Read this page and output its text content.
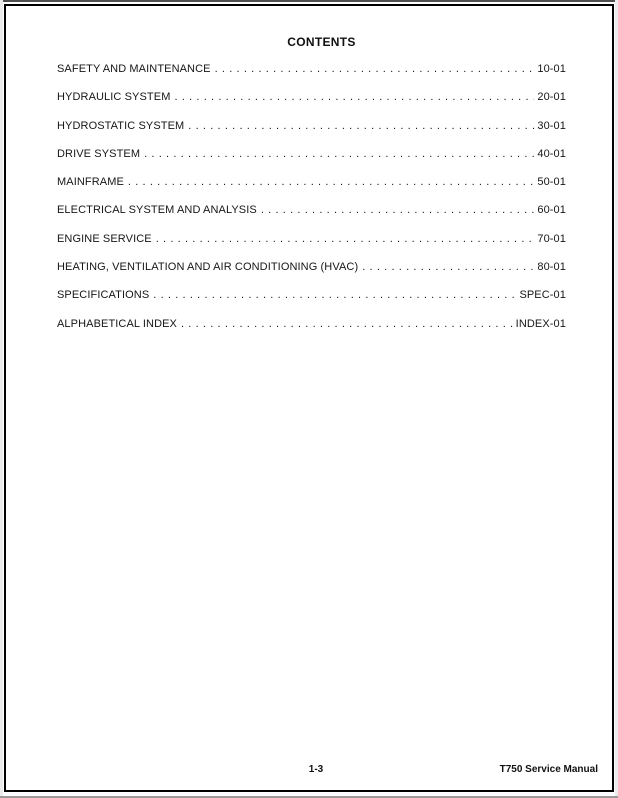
CONTENTS
SAFETY AND MAINTENANCE . . .	10-01
HYDRAULIC SYSTEM . . .	20-01
HYDROSTATIC SYSTEM . . .	30-01
DRIVE SYSTEM . . .	40-01
MAINFRAME . . .	50-01
ELECTRICAL SYSTEM AND ANALYSIS . . .	60-01
ENGINE SERVICE . . .	70-01
HEATING, VENTILATION AND AIR CONDITIONING (HVAC) . . .	80-01
SPECIFICATIONS . . .	SPEC-01
ALPHABETICAL INDEX . . .	INDEX-01
1-3	T750 Service Manual
